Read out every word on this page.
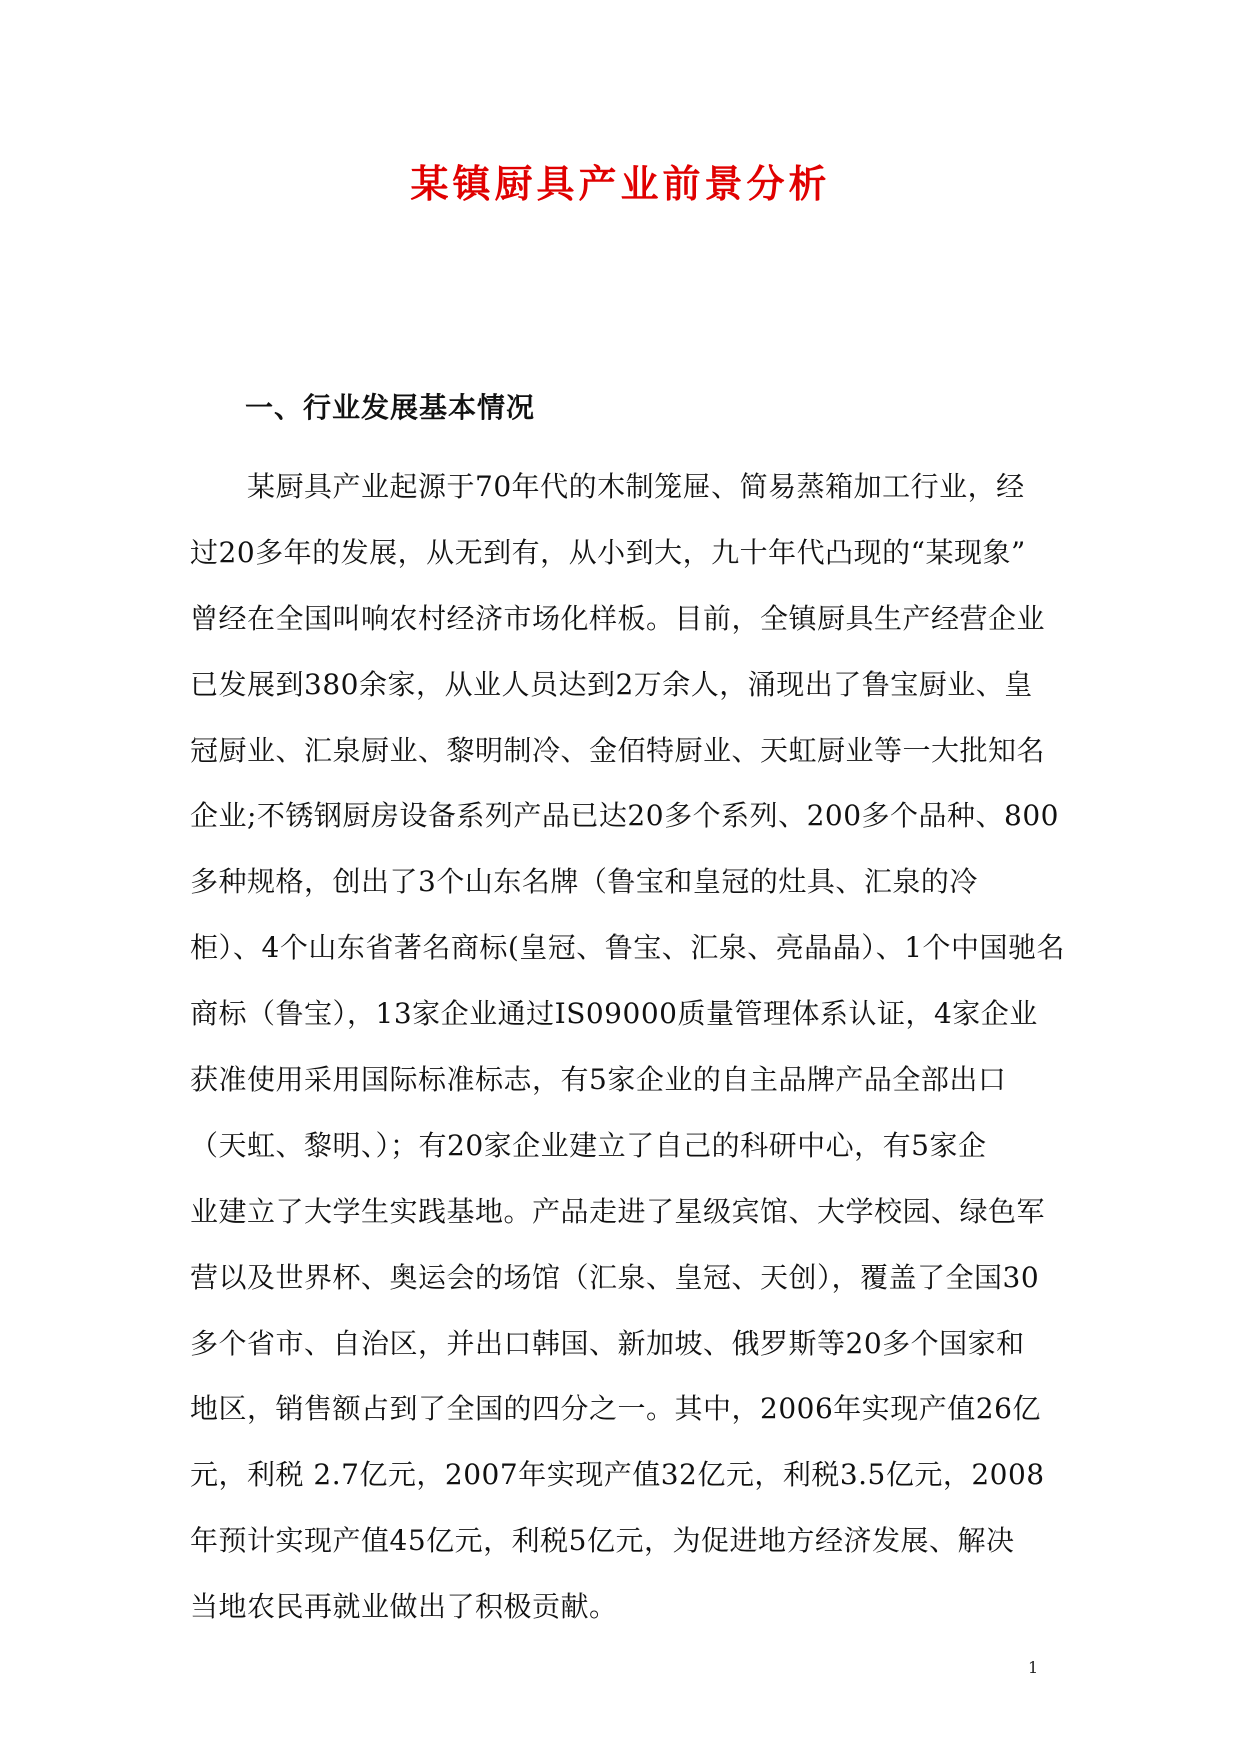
某镇厨具产业前景分析
一、行业发展基本情况
　　某厨具产业起源于70年代的木制笼屉、简易蒸箱加工行业，经
过20多年的发展，从无到有，从小到大，九十年代凸现的“某现象”
曾经在全国叫响农村经济市场化样板。目前，全镇厨具生产经营企业
已发展到380余家，从业人员达到2万余人，涌现出了鲁宝厨业、皇
冠厨业、汇泉厨业、黎明制冷、金佰特厨业、天虹厨业等一大批知名
企业;不锈钢厨房设备系列产品已达20多个系列、200多个品种、800
多种规格，创出了3个山东名牌（鲁宝和皇冠的灶具、汇泉的冷
柜）、4个山东省著名商标(皇冠、鲁宝、汇泉、亮晶晶）、1个中国驰名
商标（鲁宝），13家企业通过IS09000质量管理体系认证，4家企业
获准使用采用国际标准标志，有5家企业的自主品牌产品全部出口
（天虹、黎明、）；有20家企业建立了自己的科研中心，有5家企
业建立了大学生实践基地。产品走进了星级宾馆、大学校园、绿色军
营以及世界杯、奥运会的场馆（汇泉、皇冠、天创），覆盖了全国30
多个省市、自治区，并出口韩国、新加坡、俄罗斯等20多个国家和
地区，销售额占到了全国的四分之一。其中，2006年实现产值26亿
元，利税 2.7亿元，2007年实现产值32亿元，利税3.5亿元，2008
年预计实现产值45亿元，利税5亿元，为促进地方经济发展、解决
当地农民再就业做出了积极贡献。
1
